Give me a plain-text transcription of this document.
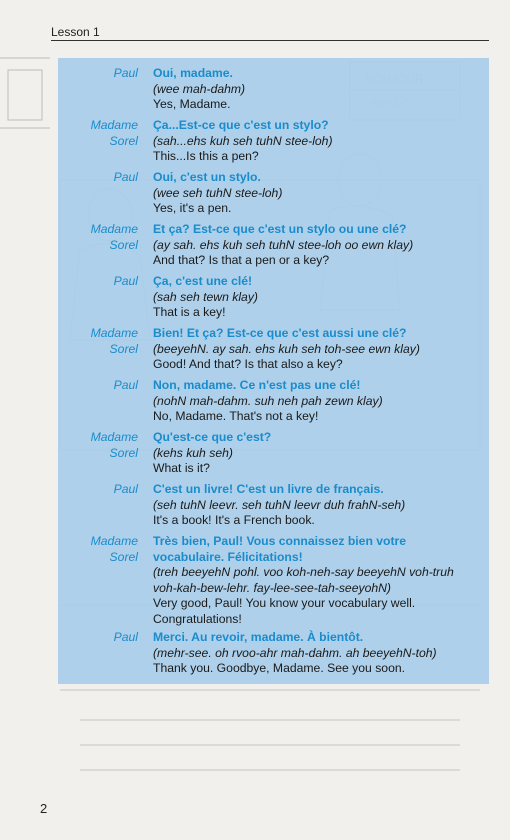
Lesson 1
Paul Oui, madame.
(wee mah-dahm)
Yes, Madame.
Madame
Sorel
Ça...Est-ce que c'est un stylo?
(sah...ehs kuh seh tuhN stee-loh)
This...Is this a pen?
Paul Oui, c'est un stylo.
(wee seh tuhN stee-loh)
Yes, it's a pen.
Madame
Sorel
Et ça? Est-ce que c'est un stylo ou une clé?
(ay sah. ehs kuh seh tuhN stee-loh oo ewn klay)
And that? Is that a pen or a key?
Paul Ça, c'est une clé!
(sah seh tewn klay)
That is a key!
Madame
Sorel
Bien! Et ça? Est-ce que c'est aussi une clé?
(beeyehN. ay sah. ehs kuh seh toh-see ewn klay)
Good! And that? Is that also a key?
Paul Non, madame. Ce n'est pas une clé!
(nohN mah-dahm. suh neh pah zewn klay)
No, Madame. That's not a key!
Madame
Sorel
Qu'est-ce que c'est?
(kehs kuh seh)
What is it?
Paul C'est un livre! C'est un livre de français.
(seh tuhN leevr. seh tuhN leevr duh frahN-seh)
It's a book! It's a French book.
Madame
Sorel
Très bien, Paul! Vous connaissez bien votre
vocabulaire. Félicitations!
(treh beeyehN pohl. voo koh-neh-say beeyehN voh-truh
voh-kah-bew-lehr. fay-lee-see-tah-seeyohN)
Very good, Paul! You know your vocabulary well.
Congratulations!
Paul Merci. Au revoir, madame. À bientôt.
(mehr-see. oh rvoo-ahr mah-dahm. ah beeyehN-toh)
Thank you. Goodbye, Madame. See you soon.
2
